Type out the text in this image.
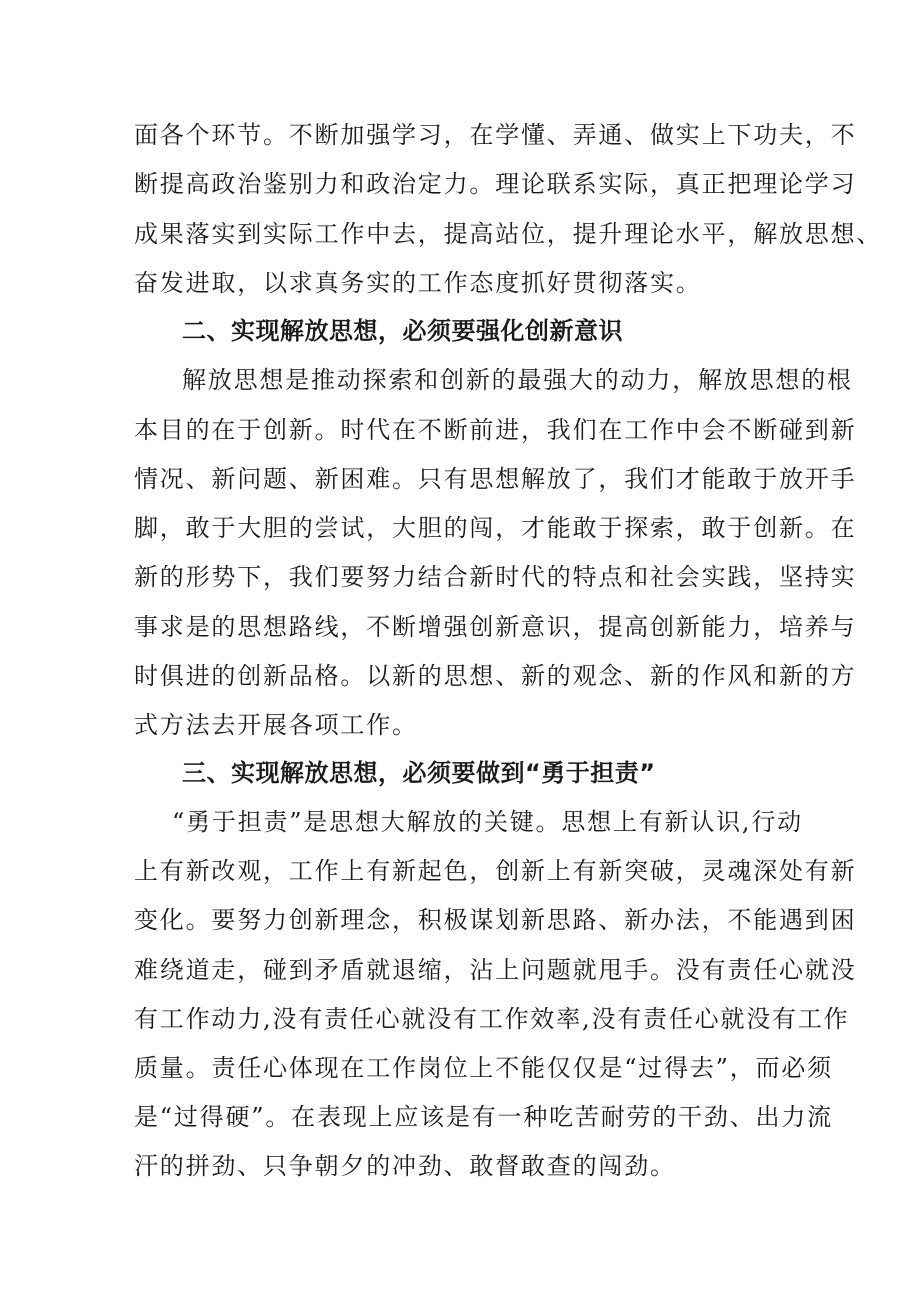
面各个环节。不断加强学习，在学懂、弄通、做实上下功夫，不
断提高政治鉴别力和政治定力。理论联系实际，真正把理论学习
成果落实到实际工作中去，提高站位，提升理论水平，解放思想、
奋发进取，以求真务实的工作态度抓好贯彻落实。
二、实现解放思想，必须要强化创新意识
解放思想是推动探索和创新的最强大的动力，解放思想的根
本目的在于创新。时代在不断前进，我们在工作中会不断碰到新
情况、新问题、新困难。只有思想解放了，我们才能敢于放开手
脚，敢于大胆的尝试，大胆的闯，才能敢于探索，敢于创新。在
新的形势下，我们要努力结合新时代的特点和社会实践，坚持实
事求是的思想路线，不断增强创新意识，提高创新能力，培养与
时俱进的创新品格。以新的思想、新的观念、新的作风和新的方
式方法去开展各项工作。
三、实现解放思想，必须要做到“勇于担责”
“勇于担责”是思想大解放的关键。思想上有新认识,行动
上有新改观，工作上有新起色，创新上有新突破，灵魂深处有新
变化。要努力创新理念，积极谋划新思路、新办法，不能遇到困
难绕道走，碰到矛盾就退缩，沾上问题就甩手。没有责任心就没
有工作动力,没有责任心就没有工作效率,没有责任心就没有工作
质量。责任心体现在工作岗位上不能仅仅是“过得去”，而必须
是“过得硬”。在表现上应该是有一种吃苦耐劳的干劲、出力流
汗的拼劲、只争朝夕的冲劲、敢督敢查的闯劲。
